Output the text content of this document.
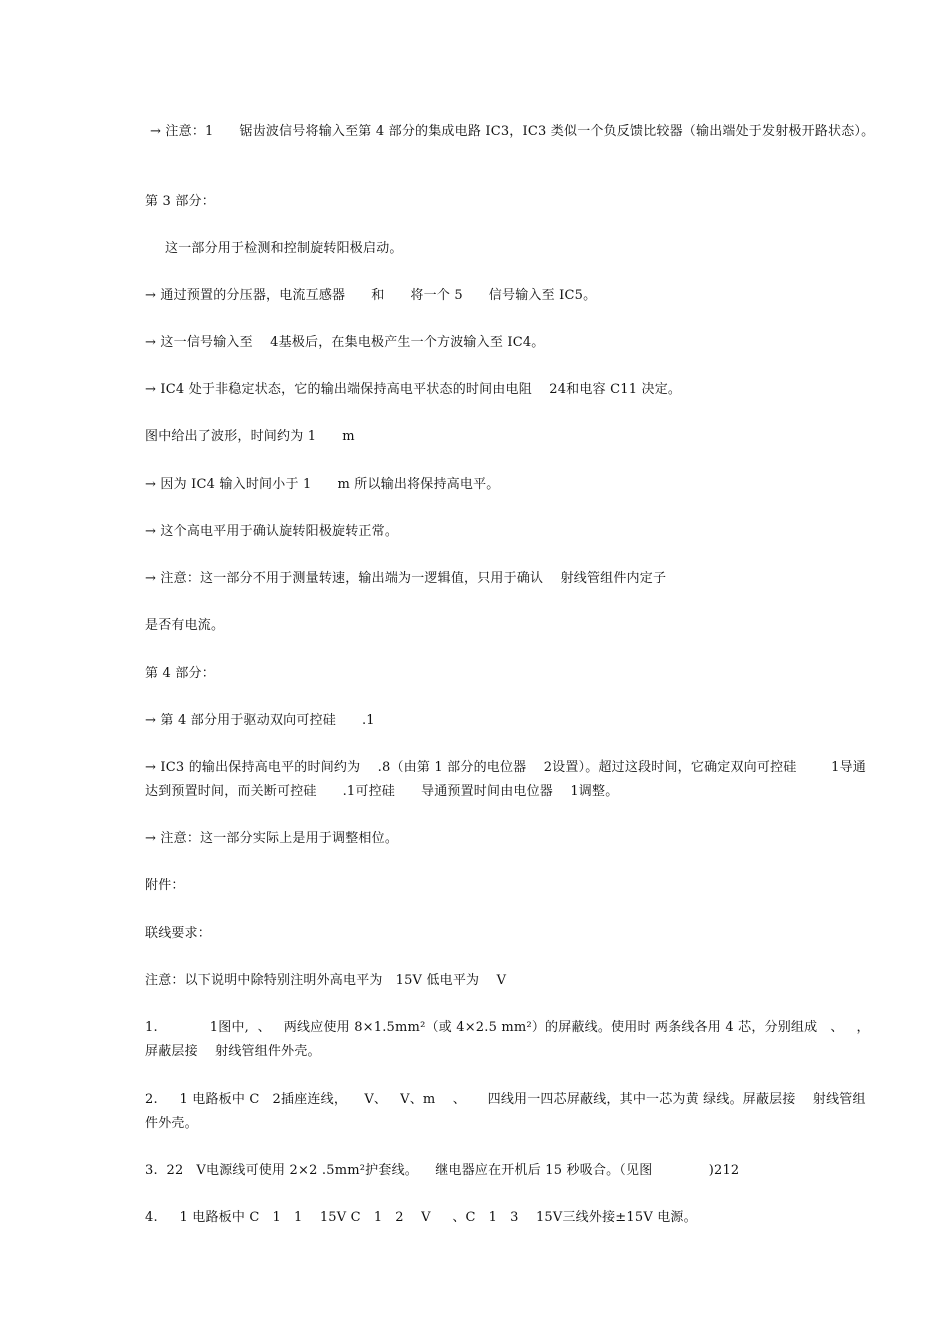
→ 注意：1      锯齿波信号将输入至第 4 部分的集成电路 IC3，IC3 类似一个负反馈比较器（输出端处于发射极开路状态）。
第 3 部分：
这一部分用于检测和控制旋转阳极启动。
→ 通过预置的分压器，电流互感器      和      将一个 5      信号输入至 IC5。
→ 这一信号输入至    4基极后，在集电极产生一个方波输入至 IC4。
→ IC4 处于非稳定状态，它的输出端保持高电平状态的时间由电阻    24和电容 C11 决定。
图中给出了波形，时间约为 1      m
→ 因为 IC4 输入时间小于 1      m 所以输出将保持高电平。
→ 这个高电平用于确认旋转阳极旋转正常。
→ 注意：这一部分不用于测量转速，输出端为一逻辑值，只用于确认    射线管组件内定子
是否有电流。
第 4 部分：
→ 第 4 部分用于驱动双向可控硅      .1
→ IC3 的输出保持高电平的时间约为    .8（由第 1 部分的电位器    2设置）。超过这段时间，它确定双向可控硅        1导通达到预置时间，而关断可控硅      .1可控硅      导通预置时间由电位器    1调整。
→ 注意：这一部分实际上是用于调整相位。
附件：
联线要求：
注意：以下说明中除特别注明外高电平为   15V 低电平为    V
1.            1图中,  、   两线应使用 8×1.5mm²（或 4×2.5 mm²）的屏蔽线。使用时 两条线各用 4 芯，分别组成   、   ，屏蔽层接    射线管组件外壳。
2.     1 电路板中 C   2插座连线，    V、   V、m    、     四线用一四芯屏蔽线，其中一芯为黄 绿线。屏蔽层接    射线管组件外壳。
3.  22   V电源线可使用 2×2 .5mm²护套线。    继电器应在开机后 15 秒吸合。（见图             )212
4.     1 电路板中 C   1   1    15V C   1   2    V     、C   1   3    15V三线外接±15V 电源。
